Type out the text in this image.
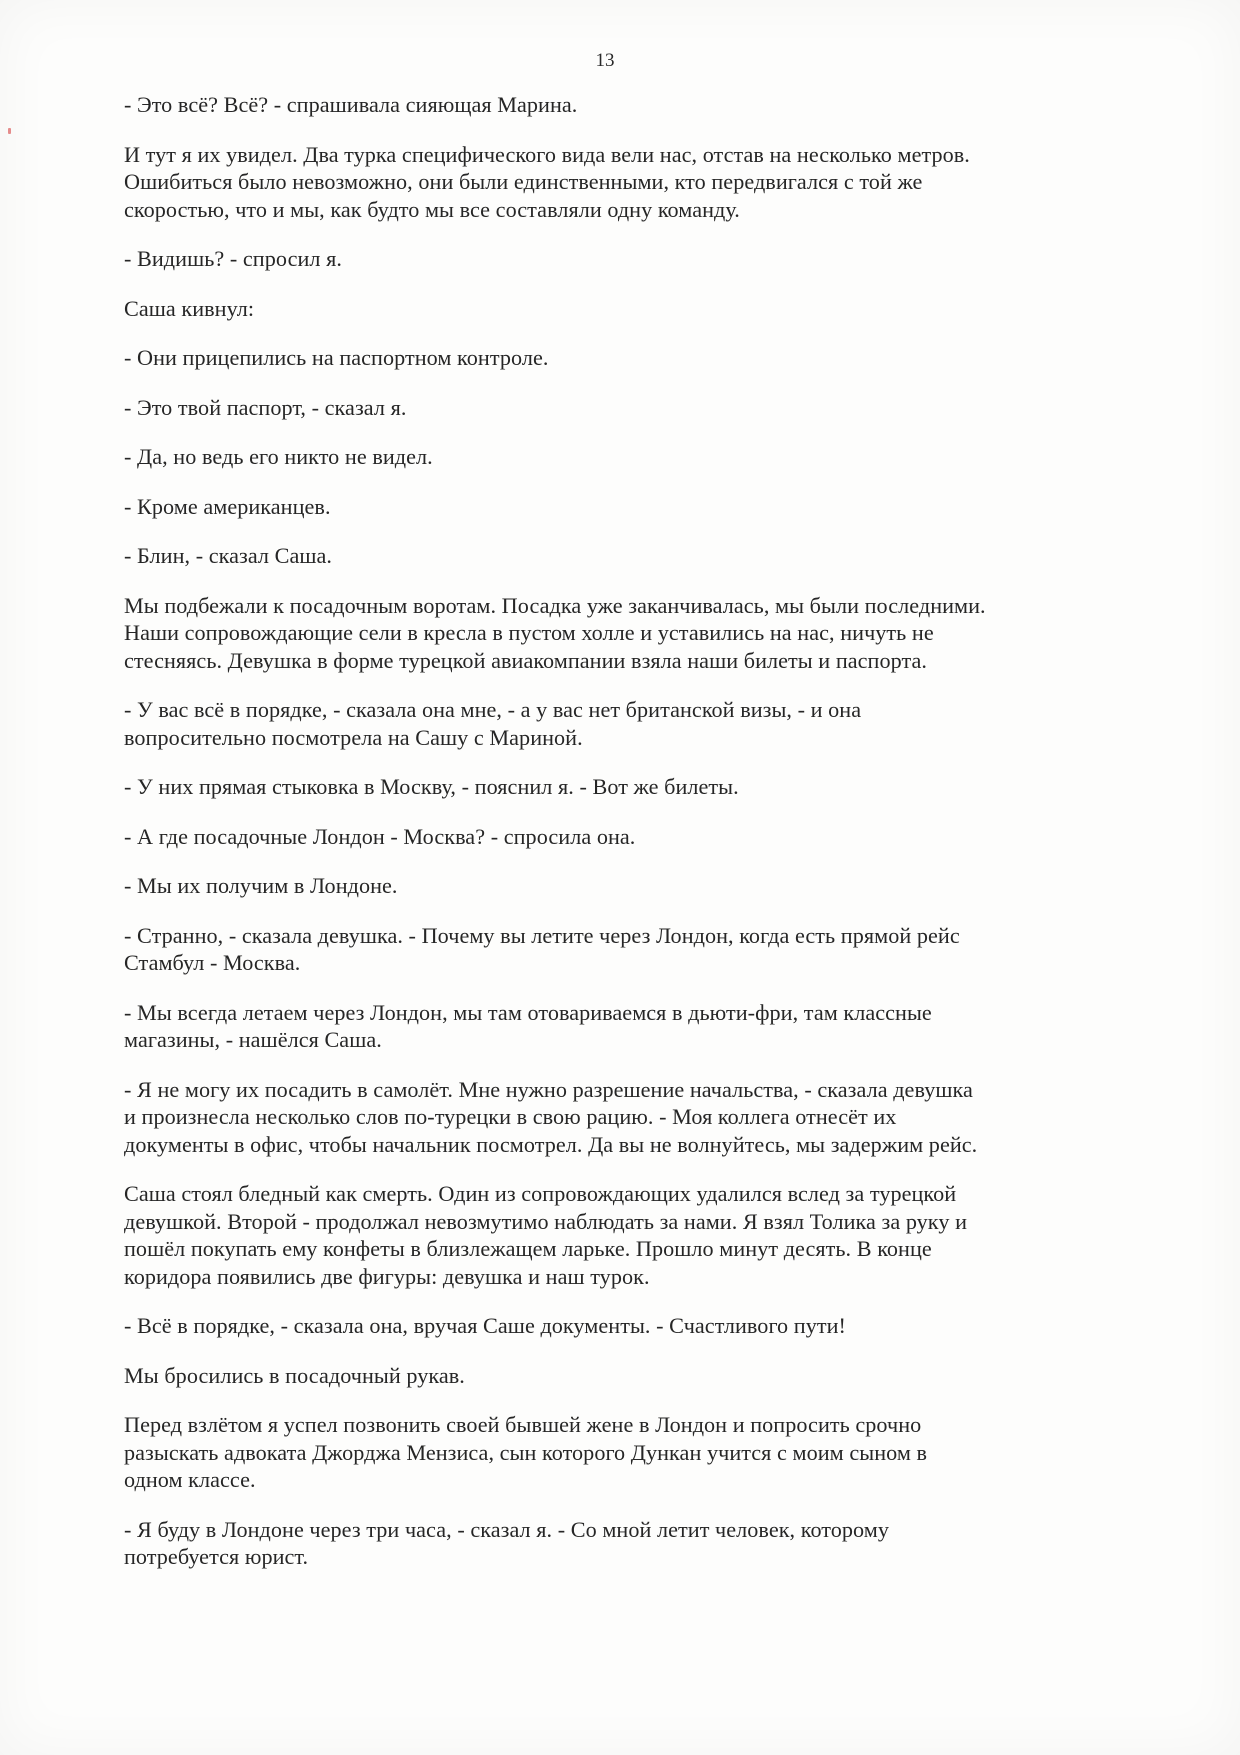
13

- Это всё? Всё? - спрашивала сияющая Марина.

И тут я их увидел. Два турка специфического вида вели нас, отстав на несколько метров.
Ошибиться было невозможно, они были единственными, кто передвигался с той же
скоростью, что и мы, как будто мы все составляли одну команду.

- Видишь? - спросил я.

Саша кивнул:

- Они прицепились на паспортном контроле.

- Это твой паспорт, - сказал я.

- Да, но ведь его никто не видел.

- Кроме американцев.

- Блин, - сказал Саша.

Мы подбежали к посадочным воротам. Посадка уже заканчивалась, мы были последними.
Наши сопровождающие сели в кресла в пустом холле и уставились на нас, ничуть не
стесняясь. Девушка в форме турецкой авиакомпании взяла наши билеты и паспорта.

- У вас всё в порядке, - сказала она мне, - а у вас нет британской визы, - и она
вопросительно посмотрела на Сашу с Мариной.

- У них прямая стыковка в Москву, - пояснил я. - Вот же билеты.

- А где посадочные Лондон - Москва? - спросила она.

- Мы их получим в Лондоне.

- Странно, - сказала девушка. - Почему вы летите через Лондон, когда есть прямой рейс
Стамбул - Москва.

- Мы всегда летаем через Лондон, мы там отовариваемся в дьюти-фри, там классные
магазины, - нашёлся Саша.

- Я не могу их посадить в самолёт. Мне нужно разрешение начальства, - сказала девушка
и произнесла несколько слов по-турецки в свою рацию. - Моя коллега отнесёт их
документы в офис, чтобы начальник посмотрел. Да вы не волнуйтесь, мы задержим рейс.

Саша стоял бледный как смерть. Один из сопровождающих удалился вслед за турецкой
девушкой. Второй - продолжал невозмутимо наблюдать за нами. Я взял Толика за руку и
пошёл покупать ему конфеты в близлежащем ларьке. Прошло минут десять. В конце
коридора появились две фигуры: девушка и наш турок.

- Всё в порядке, - сказала она, вручая Саше документы. - Счастливого пути!

Мы бросились в посадочный рукав.

Перед взлётом я успел позвонить своей бывшей жене в Лондон и попросить срочно
разыскать адвоката Джорджа Мензиса, сын которого Дункан учится с моим сыном в
одном классе.

- Я буду в Лондоне через три часа, - сказал я. - Со мной летит человек, которому
потребуется юрист.
